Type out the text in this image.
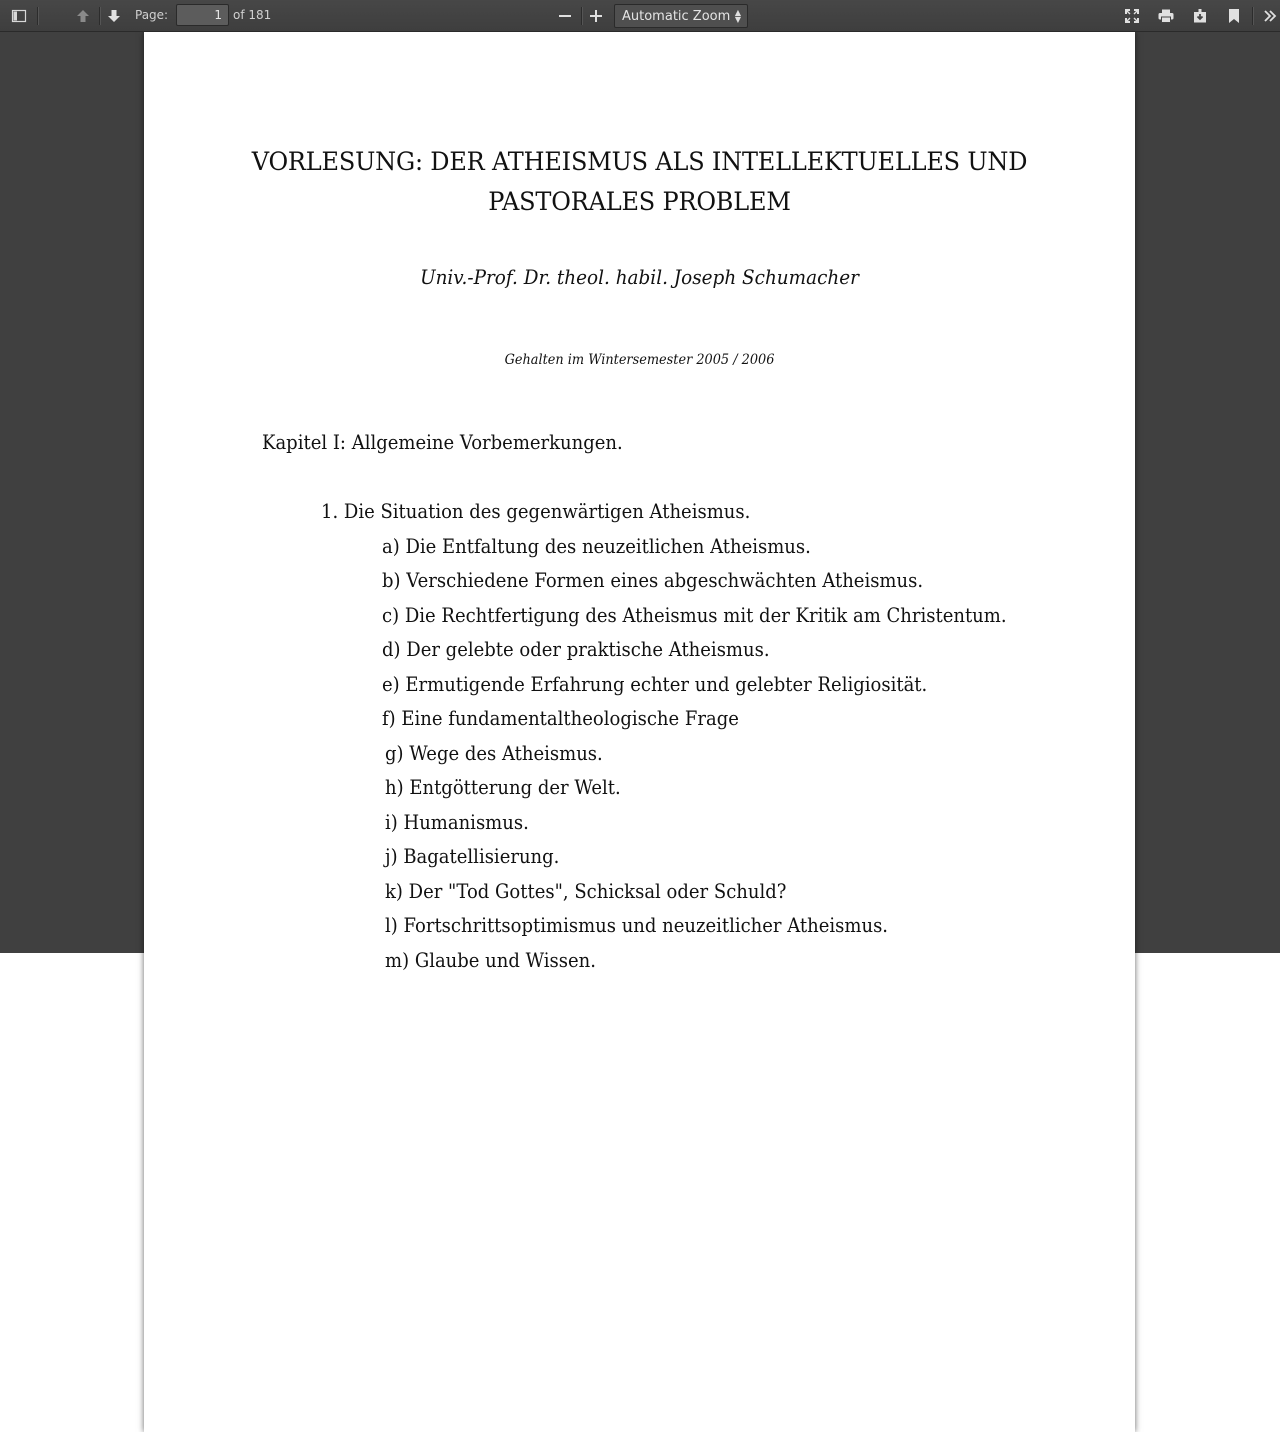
Page:
1	of 181	Automatic Zoom ▲
▼
VORLESUNG: DER ATHEISMUS ALS INTELLEKTUELLES UND
PASTORALES PROBLEM
Univ.-Prof. Dr. theol. habil. Joseph Schumacher
Gehalten im Wintersemester 2005 / 2006
Kapitel I: Allgemeine Vorbemerkungen.
1. Die Situation des gegenwärtigen Atheismus.
a) Die Entfaltung des neuzeitlichen Atheismus.
b) Verschiedene Formen eines abgeschwächten Atheismus.
c) Die Rechtfertigung des Atheismus mit der Kritik am Christentum.
d) Der gelebte oder praktische Atheismus.
e) Ermutigende Erfahrung echter und gelebter Religiosität.
f) Eine fundamentaltheologische Frage
g) Wege des Atheismus.
h) Entgötterung der Welt.
i) Humanismus.
j) Bagatellisierung.
k) Der "Tod Gottes", Schicksal oder Schuld?
l) Fortschrittsoptimismus und neuzeitlicher Atheismus.
m) Glaube und Wissen.
